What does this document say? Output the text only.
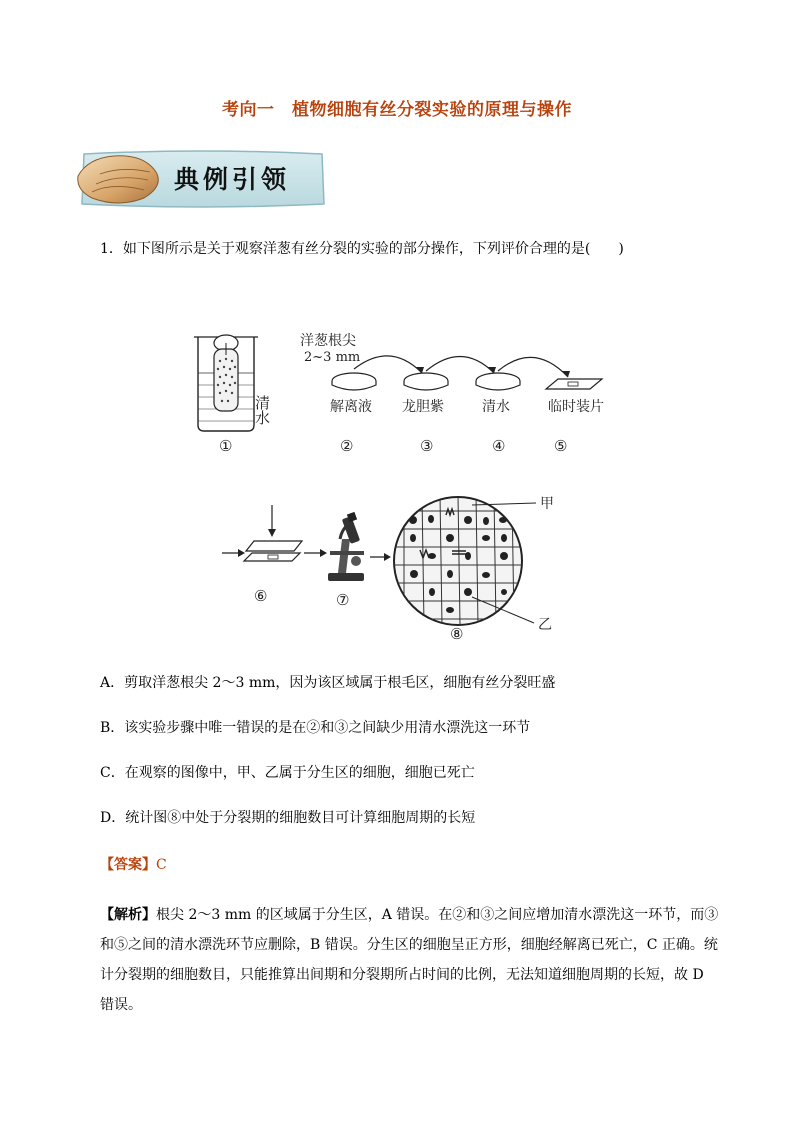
考向一　植物细胞有丝分裂实验的原理与操作
典例引领
1．如下图所示是关于观察洋葱有丝分裂的实验的部分操作，下列评价合理的是(　　)
清水
①
洋葱根尖
2~3 mm
解离液 龙胆紫	清水	临时装片
②	③	④	⑤
⑥	⑦
甲
乙
⑧
A．剪取洋葱根尖 2～3 mm，因为该区域属于根毛区，细胞有丝分裂旺盛
B．该实验步骤中唯一错误的是在②和③之间缺少用清水漂洗这一环节
C．在观察的图像中，甲、乙属于分生区的细胞，细胞已死亡
D．统计图⑧中处于分裂期的细胞数目可计算细胞周期的长短
【答案】C
【解析】根尖 2～3 mm 的区域属于分生区，A 错误。在②和③之间应增加清水漂洗这一环节，而③和⑤之间的清水漂洗环节应删除，B 错误。分生区的细胞呈正方形，细胞经解离已死亡，C 正确。统计分裂期的细胞数目，只能推算出间期和分裂期所占时间的比例，无法知道细胞周期的长短，故 D 错误。
